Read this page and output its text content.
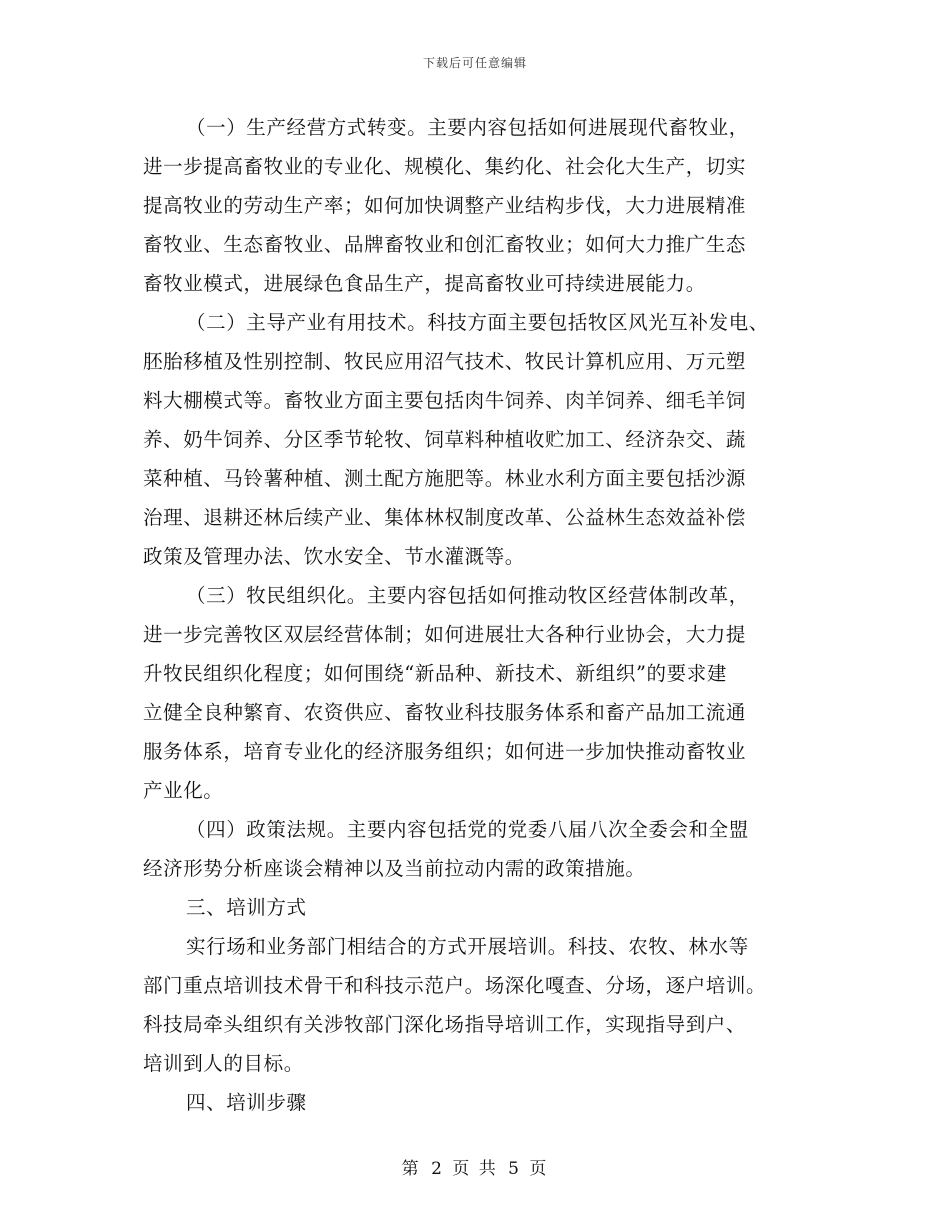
下载后可任意编辑
（一）生产经营方式转变。主要内容包括如何进展现代畜牧业，
进一步提高畜牧业的专业化、规模化、集约化、社会化大生产，切实
提高牧业的劳动生产率；如何加快调整产业结构步伐，大力进展精准
畜牧业、生态畜牧业、品牌畜牧业和创汇畜牧业；如何大力推广生态
畜牧业模式，进展绿色食品生产，提高畜牧业可持续进展能力。
（二）主导产业有用技术。科技方面主要包括牧区风光互补发电、
胚胎移植及性别控制、牧民应用沼气技术、牧民计算机应用、万元塑
料大棚模式等。畜牧业方面主要包括肉牛饲养、肉羊饲养、细毛羊饲
养、奶牛饲养、分区季节轮牧、饲草料种植收贮加工、经济杂交、蔬
菜种植、马铃薯种植、测土配方施肥等。林业水利方面主要包括沙源
治理、退耕还林后续产业、集体林权制度改革、公益林生态效益补偿
政策及管理办法、饮水安全、节水灌溉等。
（三）牧民组织化。主要内容包括如何推动牧区经营体制改革，
进一步完善牧区双层经营体制；如何进展壮大各种行业协会，大力提
升牧民组织化程度；如何围绕“新品种、新技术、新组织”的要求建
立健全良种繁育、农资供应、畜牧业科技服务体系和畜产品加工流通
服务体系，培育专业化的经济服务组织；如何进一步加快推动畜牧业
产业化。
（四）政策法规。主要内容包括党的党委八届八次全委会和全盟
经济形势分析座谈会精神以及当前拉动内需的政策措施。
三、培训方式
实行场和业务部门相结合的方式开展培训。科技、农牧、林水等
部门重点培训技术骨干和科技示范户。场深化嘎查、分场，逐户培训。
科技局牵头组织有关涉牧部门深化场指导培训工作，实现指导到户、
培训到人的目标。
四、培训步骤
第 2 页 共 5 页
